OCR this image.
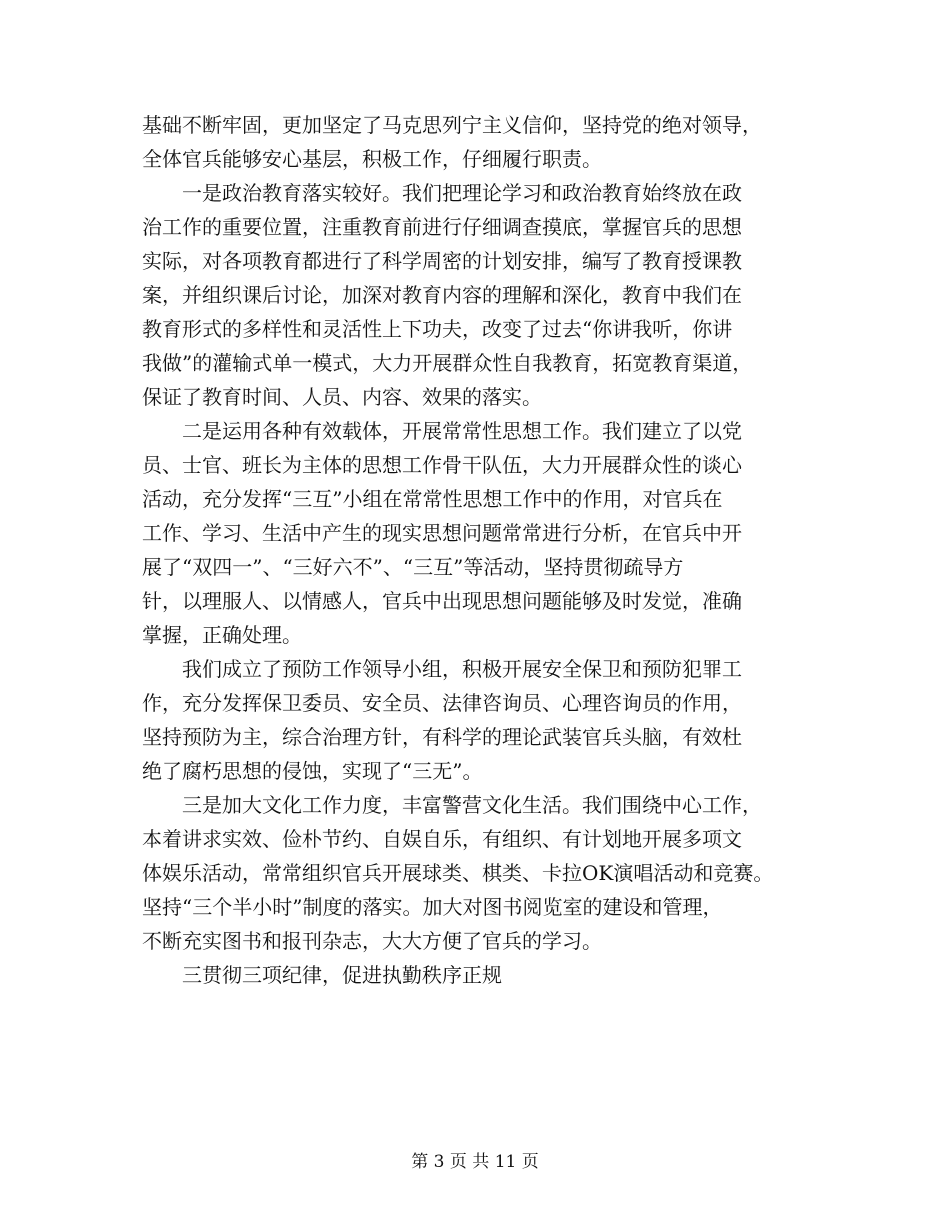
基础不断牢固，更加坚定了马克思列宁主义信仰，坚持党的绝对领导，
全体官兵能够安心基层，积极工作，仔细履行职责。
　　一是政治教育落实较好。我们把理论学习和政治教育始终放在政
治工作的重要位置，注重教育前进行仔细调查摸底，掌握官兵的思想
实际，对各项教育都进行了科学周密的计划安排，编写了教育授课教
案，并组织课后讨论，加深对教育内容的理解和深化，教育中我们在
教育形式的多样性和灵活性上下功夫，改变了过去“你讲我听，你讲
我做”的灌输式单一模式，大力开展群众性自我教育，拓宽教育渠道，
保证了教育时间、人员、内容、效果的落实。
　　二是运用各种有效载体，开展常常性思想工作。我们建立了以党
员、士官、班长为主体的思想工作骨干队伍，大力开展群众性的谈心
活动，充分发挥“三互”小组在常常性思想工作中的作用，对官兵在
工作、学习、生活中产生的现实思想问题常常进行分析，在官兵中开
展了“双四一”、“三好六不”、“三互”等活动，坚持贯彻疏导方
针，以理服人、以情感人，官兵中出现思想问题能够及时发觉，准确
掌握，正确处理。
　　我们成立了预防工作领导小组，积极开展安全保卫和预防犯罪工
作，充分发挥保卫委员、安全员、法律咨询员、心理咨询员的作用，
坚持预防为主，综合治理方针，有科学的理论武装官兵头脑，有效杜
绝了腐朽思想的侵蚀，实现了“三无”。
　　三是加大文化工作力度，丰富警营文化生活。我们围绕中心工作，
本着讲求实效、俭朴节约、自娱自乐，有组织、有计划地开展多项文
体娱乐活动，常常组织官兵开展球类、棋类、卡拉OK演唱活动和竞赛。
坚持“三个半小时”制度的落实。加大对图书阅览室的建设和管理，
不断充实图书和报刊杂志，大大方便了官兵的学习。
　　三贯彻三项纪律，促进执勤秩序正规
第 3 页 共 11 页
